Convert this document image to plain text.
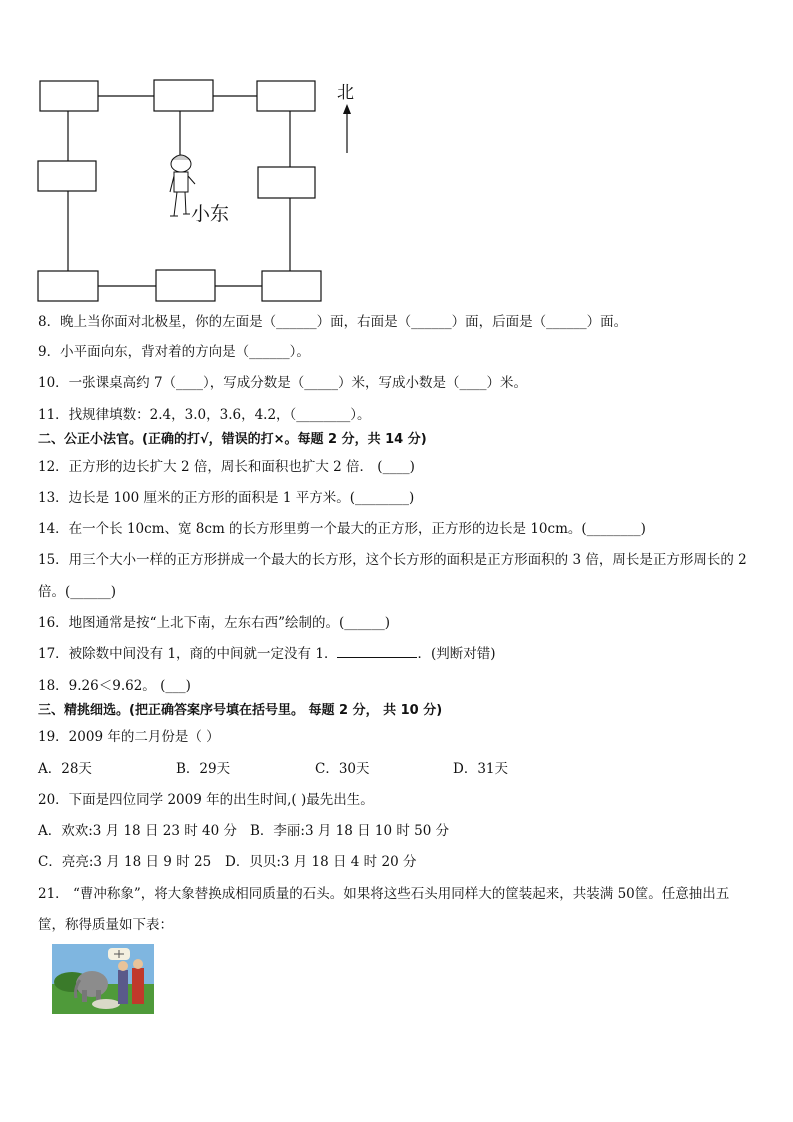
北
小东
8．晚上当你面对北极星，你的左面是（______）面，右面是（______）面，后面是（______）面。
9．小平面向东，背对着的方向是（______）。
10．一张课桌高约 7（____），写成分数是（_____）米，写成小数是（____）米。
11．找规律填数：2.4，3.0，3.6，4.2，（________）。
二、公正小法官。(正确的打√，错误的打×。每题 2 分，共 14 分)
12．正方形的边长扩大 2 倍，周长和面积也扩大 2 倍． (____)
13．边长是 100 厘米的正方形的面积是 1 平方米。(________)
14．在一个长 10cm、宽 8cm 的长方形里剪一个最大的正方形，正方形的边长是 10cm。(________)
15．用三个大小一样的正方形拼成一个最大的长方形，这个长方形的面积是正方形面积的 3 倍，周长是正方形周长的 2
倍。(______)
16．地图通常是按“上北下南，左东右西”绘制的。(______)
17．被除数中间没有 1，商的中间就一定没有 1．	．(判断对错)
18．9.26＜9.62。 (___)
三、精挑细选。(把正确答案序号填在括号里。 每题 2 分， 共 10 分)
19．2009 年的二月份是（ ）
A．28天	B．29天	C．30天	D．31天
20．下面是四位同学 2009 年的出生时间,( )最先出生。
A．欢欢:3 月 18 日 23 时 40 分 B．李丽:3 月 18 日 10 时 50 分
C．亮亮:3 月 18 日 9 时 25 D．贝贝:3 月 18 日 4 时 20 分
21． “曹冲称象”，将大象替换成相同质量的石头。如果将这些石头用同样大的筐装起来，共装满 50筐。任意抽出五
筐，称得质量如下表：
